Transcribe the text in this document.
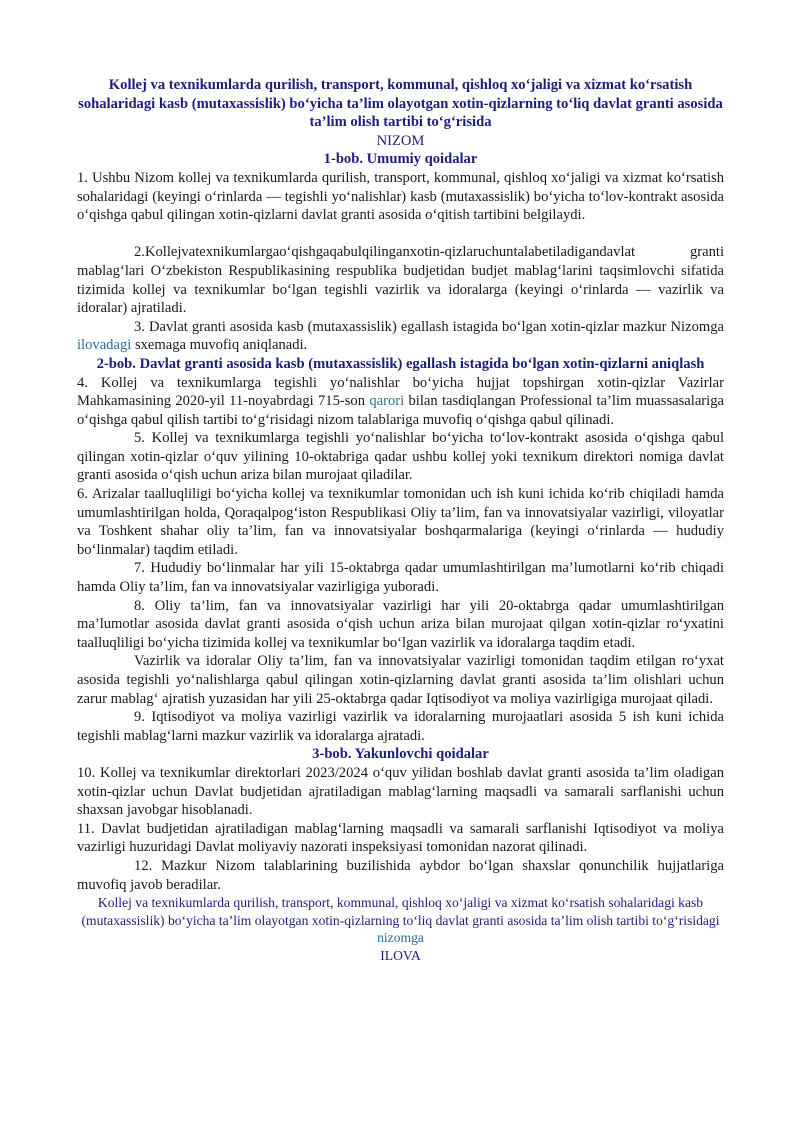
Kollej va texnikumlarda qurilish, transport, kommunal, qishloq xo‘jaligi va xizmat ko‘rsatish sohalaridagi kasb (mutaxassislik) bo‘yicha ta’lim olayotgan xotin-qizlarning to‘liq davlat granti asosida ta’lim olish tartibi to‘g‘risida

NIZOM

1-bob. Umumiy qoidalar

1. Ushbu Nizom kollej va texnikumlarda qurilish, transport, kommunal, qishloq xo‘jaligi va xizmat ko‘rsatish sohalaridagi (keyingi o‘rinlarda — tegishli yo‘nalishlar) kasb (mutaxassislik) bo‘yicha to‘lov-kontrakt asosida o‘qishga qabul qilingan xotin-qizlarni davlat granti asosida o‘qitish tartibini belgilaydi.

2.Kollejvatexnikumlargao‘qishgaqabulqilinganxotin-qizlaruchuntalabetiladigandavlat granti mablag‘lari O‘zbekiston Respublikasining respublika budjetidan budjet mablag‘larini taqsimlovchi sifatida tizimida kollej va texnikumlar bo‘lgan tegishli vazirlik va idoralarga (keyingi o‘rinlarda — vazirlik va idoralar) ajratiladi.

3. Davlat granti asosida kasb (mutaxassislik) egallash istagida bo‘lgan xotin-qizlar mazkur Nizomga ilovadagi sxemaga muvofiq aniqlanadi.

2-bob. Davlat granti asosida kasb (mutaxassislik) egallash istagida bo‘lgan xotin-qizlarni aniqlash

4. Kollej va texnikumlarga tegishli yo‘nalishlar bo‘yicha hujjat topshirgan xotin-qizlar Vazirlar Mahkamasining 2020-yil 11-noyabrdagi 715-son qarori bilan tasdiqlangan Professional ta’lim muassasalariga o‘qishga qabul qilish tartibi to‘g‘risidagi nizom talablariga muvofiq o‘qishga qabul qilinadi.

5. Kollej va texnikumlarga tegishli yo‘nalishlar bo‘yicha to‘lov-kontrakt asosida o‘qishga qabul qilingan xotin-qizlar o‘quv yilining 10-oktabriga qadar ushbu kollej yoki texnikum direktori nomiga davlat granti asosida o‘qish uchun ariza bilan murojaat qiladilar.

6. Arizalar taalluqliligi bo‘yicha kollej va texnikumlar tomonidan uch ish kuni ichida ko‘rib chiqiladi hamda umumlashtirilgan holda, Qoraqalpog‘iston Respublikasi Oliy ta’lim, fan va innovatsiyalar vazirligi, viloyatlar va Toshkent shahar oliy ta’lim, fan va innovatsiyalar boshqarmalariga (keyingi o‘rinlarda — hududiy bo‘linmalar) taqdim etiladi.

7. Hududiy bo‘linmalar har yili 15-oktabrga qadar umumlashtirilgan ma’lumotlarni ko‘rib chiqadi hamda Oliy ta’lim, fan va innovatsiyalar vazirligiga yuboradi.

8. Oliy ta’lim, fan va innovatsiyalar vazirligi har yili 20-oktabrga qadar umumlashtirilgan ma’lumotlar asosida davlat granti asosida o‘qish uchun ariza bilan murojaat qilgan xotin-qizlar ro‘yxatini taalluqliligi bo‘yicha tizimida kollej va texnikumlar bo‘lgan vazirlik va idoralarga taqdim etadi.

Vazirlik va idoralar Oliy ta’lim, fan va innovatsiyalar vazirligi tomonidan taqdim etilgan ro‘yxat asosida tegishli yo‘nalishlarga qabul qilingan xotin-qizlarning davlat granti asosida ta’lim olishlari uchun zarur mablag‘ ajratish yuzasidan har yili 25-oktabrga qadar Iqtisodiyot va moliya vazirligiga murojaat qiladi.

9. Iqtisodiyot va moliya vazirligi vazirlik va idoralarning murojaatlari asosida 5 ish kuni ichida tegishli mablag‘larni mazkur vazirlik va idoralarga ajratadi.

3-bob. Yakunlovchi qoidalar

10. Kollej va texnikumlar direktorlari 2023/2024 o‘quv yilidan boshlab davlat granti asosida ta’lim oladigan xotin-qizlar uchun Davlat budjetidan ajratiladigan mablag‘larning maqsadli va samarali sarflanishi uchun shaxsan javobgar hisoblanadi.

11. Davlat budjetidan ajratiladigan mablag‘larning maqsadli va samarali sarflanishi Iqtisodiyot va moliya vazirligi huzuridagi Davlat moliyaviy nazorati inspeksiyasi tomonidan nazorat qilinadi.

12. Mazkur Nizom talablarining buzilishida aybdor bo‘lgan shaxslar qonunchilik hujjatlariga muvofiq javob beradilar.

Kollej va texnikumlarda qurilish, transport, kommunal, qishloq xo‘jaligi va xizmat ko‘rsatish sohalaridagi kasb (mutaxassislik) bo‘yicha ta’lim olayotgan xotin-qizlarning to‘liq davlat granti asosida ta’lim olish tartibi to‘g‘risidagi nizomga

ILOVA
